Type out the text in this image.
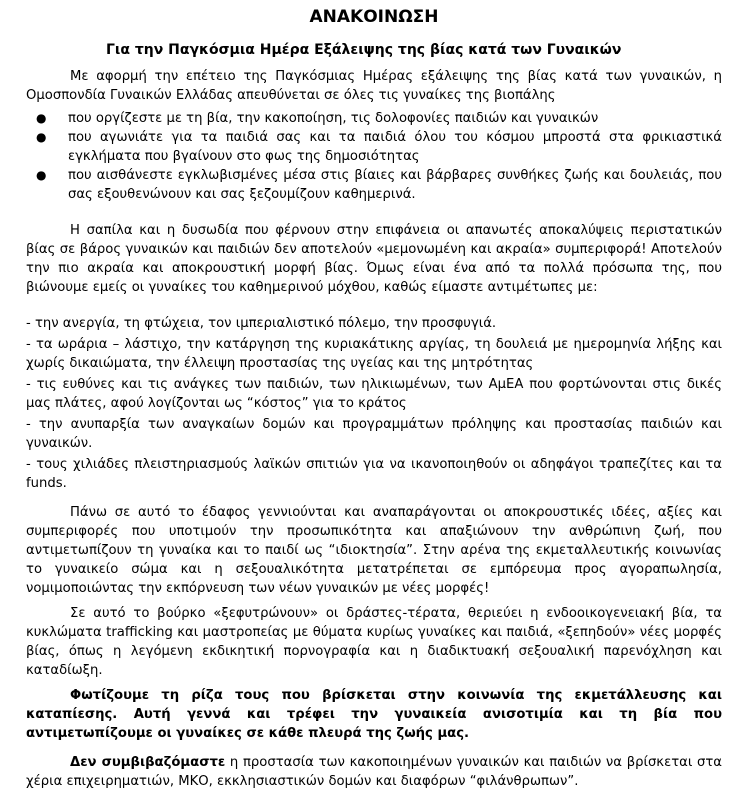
ΑΝΑΚΟΙΝΩΣΗ
Για την Παγκόσμια Ημέρα Εξάλειψης της βίας κατά των Γυναικών

Με αφορμή την επέτειο της Παγκόσμιας Ημέρας εξάλειψης της βίας κατά των γυναικών, η Ομοσπονδία Γυναικών Ελλάδας απευθύνεται σε όλες τις γυναίκες της βιοπάλης

● που οργίζεστε με τη βία, την κακοποίηση, τις δολοφονίες παιδιών και γυναικών
● που αγωνιάτε για τα παιδιά σας και τα παιδιά όλου του κόσμου μπροστά στα φρικιαστικά εγκλήματα που βγαίνουν στο φως της δημοσιότητας
● που αισθάνεστε εγκλωβισμένες μέσα στις βίαιες και βάρβαρες συνθήκες ζωής και δουλειάς, που σας εξουθενώνουν και σας ξεζουμίζουν καθημερινά.

Η σαπίλα και η δυσωδία που φέρνουν στην επιφάνεια οι απανωτές αποκαλύψεις περιστατικών βίας σε βάρος γυναικών και παιδιών δεν αποτελούν «μεμονωμένη και ακραία» συμπεριφορά! Αποτελούν την πιο ακραία και αποκρουστική μορφή βίας. Όμως είναι ένα από τα πολλά πρόσωπα της, που βιώνουμε εμείς οι γυναίκες του καθημερινού μόχθου, καθώς είμαστε αντιμέτωπες με:

- την ανεργία, τη φτώχεια, τον ιμπεριαλιστικό πόλεμο, την προσφυγιά.
- τα ωράρια – λάστιχο, την κατάργηση της κυριακάτικης αργίας, τη δουλειά με ημερομηνία λήξης και χωρίς δικαιώματα, την έλλειψη προστασίας της υγείας και της μητρότητας
- τις ευθύνες και τις ανάγκες των παιδιών, των ηλικιωμένων, των ΑμΕΑ που φορτώνονται στις δικές μας πλάτες, αφού λογίζονται ως “κόστος” για το κράτος
- την ανυπαρξία των αναγκαίων δομών και προγραμμάτων πρόληψης και προστασίας παιδιών και γυναικών.
- τους χιλιάδες πλειστηριασμούς λαϊκών σπιτιών για να ικανοποιηθούν οι αδηφάγοι τραπεζίτες και τα funds.

Πάνω σε αυτό το έδαφος γεννιούνται και αναπαράγονται οι αποκρουστικές ιδέες, αξίες και συμπεριφορές που υποτιμούν την προσωπικότητα και απαξιώνουν την ανθρώπινη ζωή, που αντιμετωπίζουν τη γυναίκα και το παιδί ως “ιδιοκτησία”. Στην αρένα της εκμεταλλευτικής κοινωνίας το γυναικείο σώμα και η σεξουαλικότητα μετατρέπεται σε εμπόρευμα προς αγοραπωλησία, νομιμοποιώντας την εκπόρνευση των νέων γυναικών με νέες μορφές!

Σε αυτό το βούρκο «ξεφυτρώνουν» οι δράστες-τέρατα, θεριεύει η ενδοοικογενειακή βία, τα κυκλώματα trafficking και μαστροπείας με θύματα κυρίως γυναίκες και παιδιά, «ξεπηδούν» νέες μορφές βίας, όπως η λεγόμενη εκδικητική πορνογραφία και η διαδικτυακή σεξουαλική παρενόχληση και καταδίωξη.

Φωτίζουμε τη ρίζα τους που βρίσκεται στην κοινωνία της εκμετάλλευσης και καταπίεσης. Αυτή γεννά και τρέφει την γυναικεία ανισοτιμία και τη βία που αντιμετωπίζουμε οι γυναίκες σε κάθε πλευρά της ζωής μας.

Δεν συμβιβαζόμαστε η προστασία των κακοποιημένων γυναικών και παιδιών να βρίσκεται στα χέρια επιχειρηματιών, ΜΚΟ, εκκλησιαστικών δομών και διαφόρων “φιλάνθρωπων”.
